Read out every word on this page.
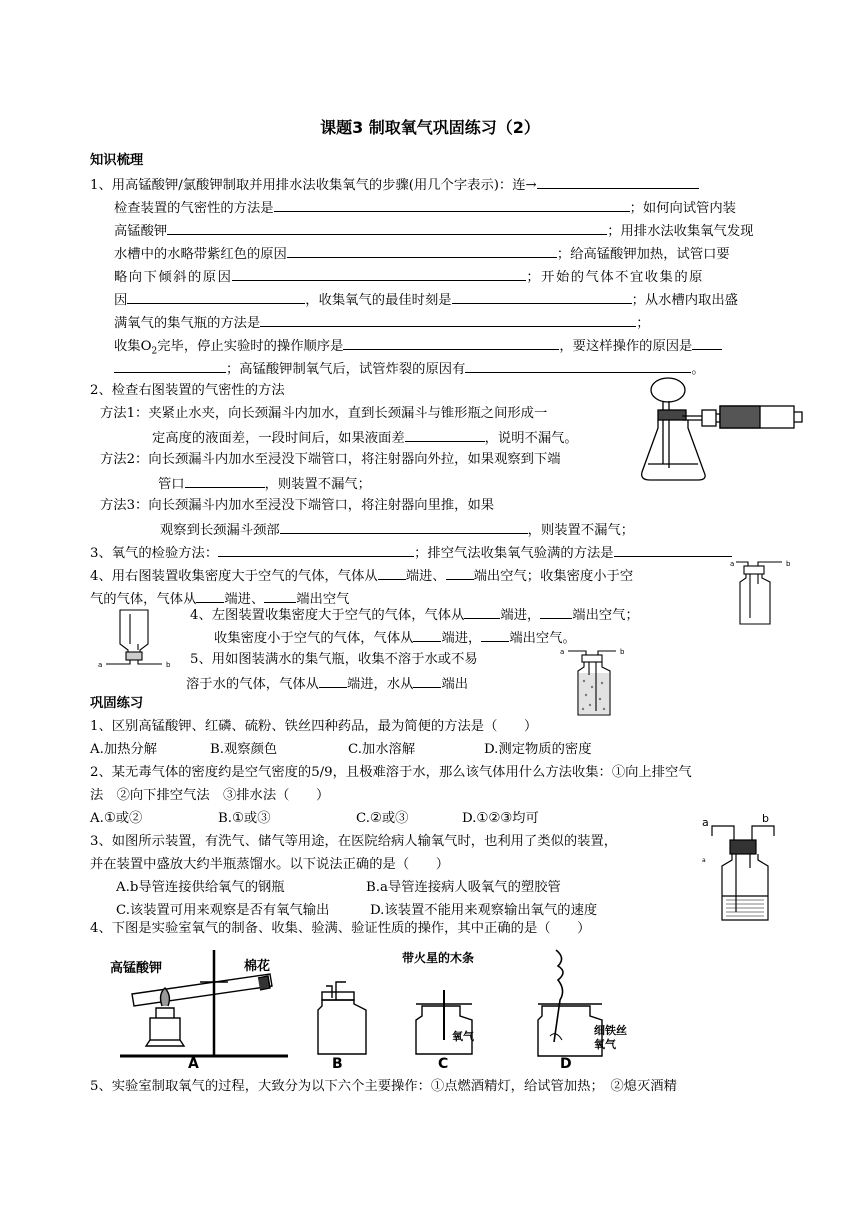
课题3 制取氧气巩固练习（2）
知识梳理
1、用高锰酸钾/氯酸钾制取并用排水法收集氧气的步骤(用几个字表示)：连→
检查装置的气密性的方法是	；如何向试管内装
高锰酸钾	；用排水法收集氧气发现
水槽中的水略带紫红色的原因	；给高锰酸钾加热，试管口要
略向下倾斜的原因	；开始的气体不宜收集的原
因	，收集氧气的最佳时刻是	；从水槽内取出盛
满氧气的集气瓶的方法是	；
收集$O_2$完毕，停止实验时的操作顺序是	，要这样操作的原因是
；高锰酸钾制氧气后，试管炸裂的原因有	。
2、检查右图装置的气密性的方法
方法1：夹紧止水夹，向长颈漏斗内加水，直到长颈漏斗与锥形瓶之间形成一
定高度的液面差，一段时间后，如果液面差	，说明不漏气。
方法2：向长颈漏斗内加水至浸没下端管口，将注射器向外拉，如果观察到下端
管口	，则装置不漏气；
方法3：向长颈漏斗内加水至浸没下端管口，将注射器向里推，如果
观察到长颈漏斗颈部	，则装置不漏气；
3、氧气的检验方法：	；排空气法收集氧气验满的方法是
4、用右图装置收集密度大于空气的气体，气体从 端进、 端出空气；收集密度小于空
气的气体，气体从 端进、 端出空气
a	b
a	b
4、左图装置收集密度大于空气的气体，气体从	端进， 端出空气；
收集密度小于空气的气体，气体从 端进， 端出空气。
5、用如图装满水的集气瓶，收集不溶于水或不易
溶于水的气体，气体从 端进，水从 端出
a	b
巩固练习
1、区别高锰酸钾、红磷、硫粉、铁丝四种药品，最为简便的方法是（　　）
A.加热分解	B.观察颜色	C.加水溶解	D.测定物质的密度
2、某无毒气体的密度约是空气密度的5/9，且极难溶于水，那么该气体用什么方法收集：①向上排空气
法　②向下排空气法　③排水法（　　）
A.①或②	B.①或③	C.②或③	D.①②③均可
3、如图所示装置，有洗气、储气等用途，在医院给病人输氧气时，也利用了类似的装置，
并在装置中盛放大约半瓶蒸馏水。以下说法正确的是（　　）
A.b导管连接供给氧气的钢瓶	B.a导管连接病人吸氧气的塑胶管
C.该装置可用来观察是否有氧气输出	D.该装置不能用来观察输出氧气的速度
a	b
a
4、下图是实验室氧气的制备、收集、验满、验证性质的操作，其中正确的是（　　）
高锰酸钾	棉花
A	B
带火星的木条
氧气
C
细铁丝
氧气
D
5、实验室制取氧气的过程，大致分为以下六个主要操作：①点燃酒精灯，给试管加热；　②熄灭酒精
